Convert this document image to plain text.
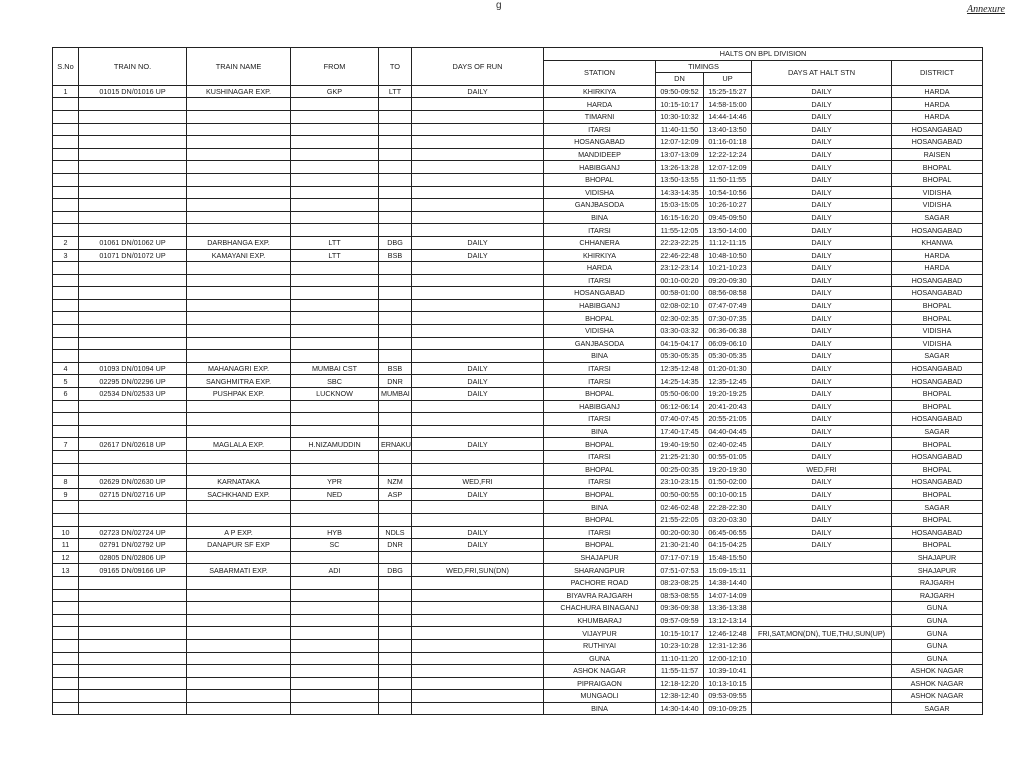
g	Annexure
S.No	TRAIN NO.	TRAIN NAME	FROM	TO	DAYS OF RUN	HALTS ON BPL DIVISION				
						STATION	TIMINGS		DAYS AT HALT STN	DISTRICT
							DN	UP		
1	01015 DN/01016 UP	KUSHINAGAR EXP.	GKP	LTT	DAILY	KHIRKIYA	09:50-09:52	15:25-15:27	DAILY	HARDA
						HARDA	10:15-10:17	14:58-15:00	DAILY	HARDA
						TIMARNI	10:30-10:32	14:44-14:46	DAILY	HARDA
						ITARSI	11:40-11:50	13:40-13:50	DAILY	HOSANGABAD
						HOSANGABAD	12:07-12:09	01:16-01:18	DAILY	HOSANGABAD
						MANDIDEEP	13:07-13:09	12:22-12:24	DAILY	RAISEN
						HABIBGANJ	13:26-13:28	12:07-12:09	DAILY	BHOPAL
						BHOPAL	13:50-13:55	11:50-11:55	DAILY	BHOPAL
						VIDISHA	14:33-14:35	10:54-10:56	DAILY	VIDISHA
						GANJBASODA	15:03-15:05	10:26-10:27	DAILY	VIDISHA
						BINA	16:15-16:20	09:45-09:50	DAILY	SAGAR
						ITARSI	11:55-12:05	13:50-14:00	DAILY	HOSANGABAD
2	01061 DN/01062 UP	DARBHANGA EXP.	LTT	DBG	DAILY	CHHANERA	22:23-22:25	11:12-11:15	DAILY	KHANWA
3	01071 DN/01072 UP	KAMAYANI EXP.	LTT	BSB	DAILY	KHIRKIYA	22:46-22:48	10:48-10:50	DAILY	HARDA
						HARDA	23:12-23:14	10:21-10:23	DAILY	HARDA
						ITARSI	00:10-00:20	09:20-09:30	DAILY	HOSANGABAD
						HOSANGABAD	00:58-01:00	08:56-08:58	DAILY	HOSANGABAD
						HABIBGANJ	02:08-02:10	07:47-07:49	DAILY	BHOPAL
						BHOPAL	02:30-02:35	07:30-07:35	DAILY	BHOPAL
						VIDISHA	03:30-03:32	06:36-06:38	DAILY	VIDISHA
						GANJBASODA	04:15-04:17	06:09-06:10	DAILY	VIDISHA
						BINA	05:30-05:35	05:30-05:35	DAILY	SAGAR
4	01093 DN/01094 UP	MAHANAGRI EXP.	MUMBAI CST	BSB	DAILY	ITARSI	12:35-12:48	01:20-01:30	DAILY	HOSANGABAD
5	02295 DN/02296 UP	SANGHMITRA EXP.	SBC	DNR	DAILY	ITARSI	14:25-14:35	12:35-12:45	DAILY	HOSANGABAD
6	02534 DN/02533 UP	PUSHPAK EXP.	LUCKNOW	MUMBAI	DAILY	BHOPAL	05:50-06:00	19:20-19:25	DAILY	BHOPAL
						HABIBGANJ	06:12-06:14	20:41-20:43	DAILY	BHOPAL
						ITARSI	07:40-07:45	20:55-21:05	DAILY	HOSANGABAD
						BINA	17:40-17:45	04:40-04:45	DAILY	SAGAR
7	02617 DN/02618 UP	MAGLALA EXP.	H.NIZAMUDDIN	ERNAKU	DAILY	BHOPAL	19:40-19:50	02:40-02:45	DAILY	BHOPAL
						ITARSI	21:25-21:30	00:55-01:05	DAILY	HOSANGABAD
						BHOPAL	00:25-00:35	19:20-19:30	WED,FRI	BHOPAL
8	02629 DN/02630 UP	KARNATAKA	YPR	NZM	WED,FRI	ITARSI	23:10-23:15	01:50-02:00	DAILY	HOSANGABAD
9	02715 DN/02716 UP	SACHKHAND EXP.	NED	ASP	DAILY	BHOPAL	00:50-00:55	00:10-00:15	DAILY	BHOPAL
						BINA	02:46-02:48	22:28-22:30	DAILY	SAGAR
						BHOPAL	21:55-22:05	03:20-03:30	DAILY	BHOPAL
10	02723 DN/02724 UP	A P EXP.	HYB	NDLS	DAILY	ITARSI	00:20-00:30	06:45-06:55	DAILY	HOSANGABAD
11	02791 DN/02792 UP	DANAPUR SF EXP	SC	DNR	DAILY	BHOPAL	21:30-21:40	04:15-04:25	DAILY	BHOPAL
12	02805 DN/02806 UP					SHAJAPUR	07:17-07:19	15:48-15:50		SHAJAPUR
13	09165 DN/09166 UP	SABARMATI EXP.	ADI	DBG	WED,FRI,SUN(DN)	SHARANGPUR	07:51-07:53	15:09-15:11		SHAJAPUR
						PACHORE ROAD	08:23-08:25	14:38-14:40		RAJGARH
						BIYAVRA RAJGARH	08:53-08:55	14:07-14:09		RAJGARH
						CHACHURA BINAGANJ	09:36-09:38	13:36-13:38		GUNA
						KHUMBARAJ	09:57-09:59	13:12-13:14		GUNA
						VIJAYPUR	10:15-10:17	12:46-12:48	FRI,SAT,MON(DN), TUE,THU,SUN(UP)	GUNA
						RUTHIYAI	10:23-10:28	12:31-12:36		GUNA
						GUNA	11:10-11:20	12:00-12:10		GUNA
						ASHOK NAGAR	11:55-11:57	10:39-10:41		ASHOK NAGAR
						PIPRAIGAON	12:18-12:20	10:13-10:15		ASHOK NAGAR
						MUNGAOLI	12:38-12:40	09:53-09:55		ASHOK NAGAR
						BINA	14:30-14:40	09:10-09:25		SAGAR
